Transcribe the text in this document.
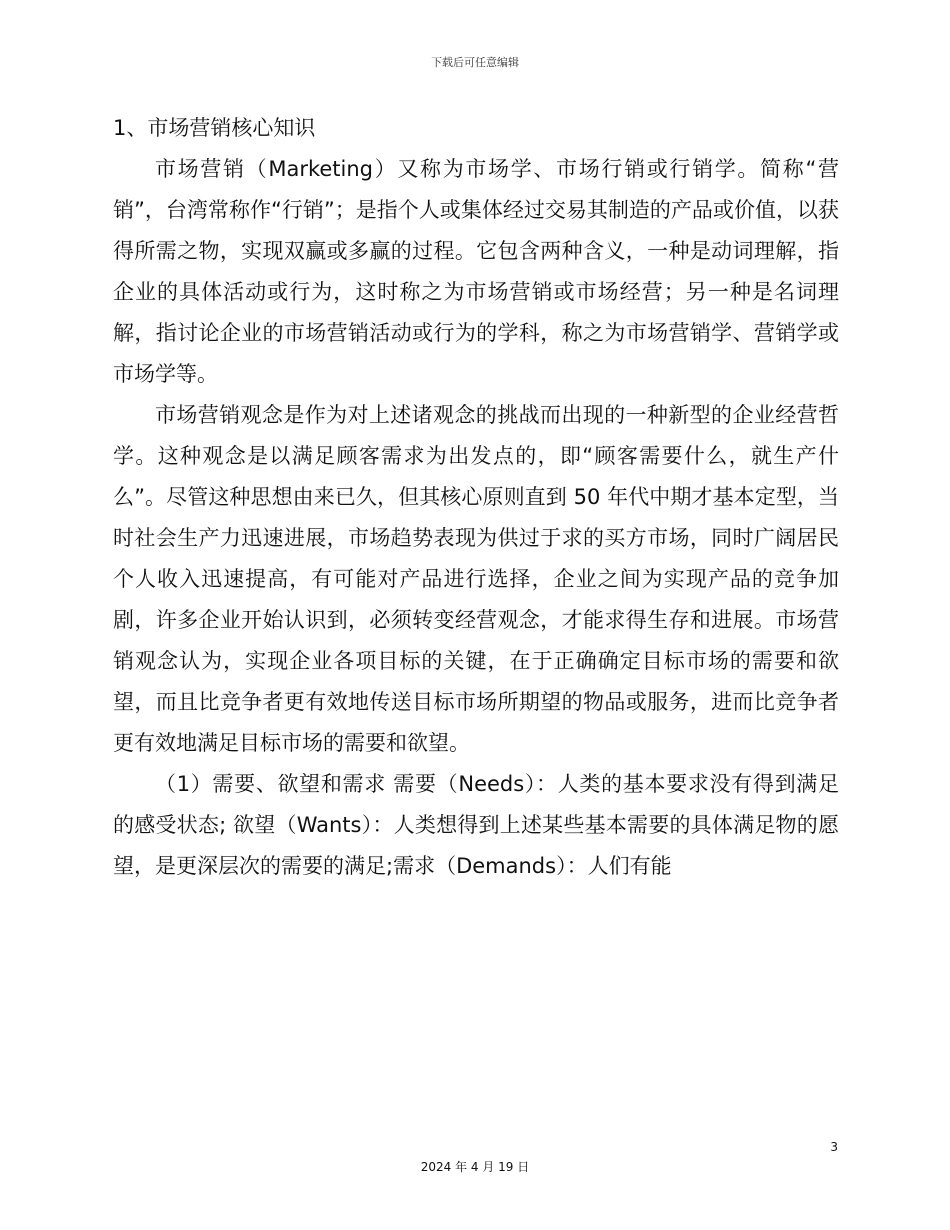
下载后可任意编辑

1、市场营销核心知识

市场营销（Marketing）又称为市场学、市场行销或行销学。简称“营销”，台湾常称作“行销”；是指个人或集体经过交易其制造的产品或价值，以获得所需之物，实现双赢或多赢的过程。它包含两种含义，一种是动词理解，指企业的具体活动或行为，这时称之为市场营销或市场经营；另一种是名词理解，指讨论企业的市场营销活动或行为的学科，称之为市场营销学、营销学或市场学等。

市场营销观念是作为对上述诸观念的挑战而出现的一种新型的企业经营哲学。这种观念是以满足顾客需求为出发点的，即“顾客需要什么，就生产什么”。尽管这种思想由来已久，但其核心原则直到 50 年代中期才基本定型，当时社会生产力迅速进展，市场趋势表现为供过于求的买方市场，同时广阔居民个人收入迅速提高，有可能对产品进行选择，企业之间为实现产品的竞争加剧，许多企业开始认识到，必须转变经营观念，才能求得生存和进展。市场营销观念认为，实现企业各项目标的关键，在于正确确定目标市场的需要和欲望，而且比竞争者更有效地传送目标市场所期望的物品或服务，进而比竞争者更有效地满足目标市场的需要和欲望。

（1）需要、欲望和需求 需要（Needs）：人类的基本要求没有得到满足的感受状态; 欲望（Wants）：人类想得到上述某些基本需要的具体满足物的愿望，是更深层次的需要的满足;需求（Demands）：人们有能

3
2024 年 4 月 19 日
